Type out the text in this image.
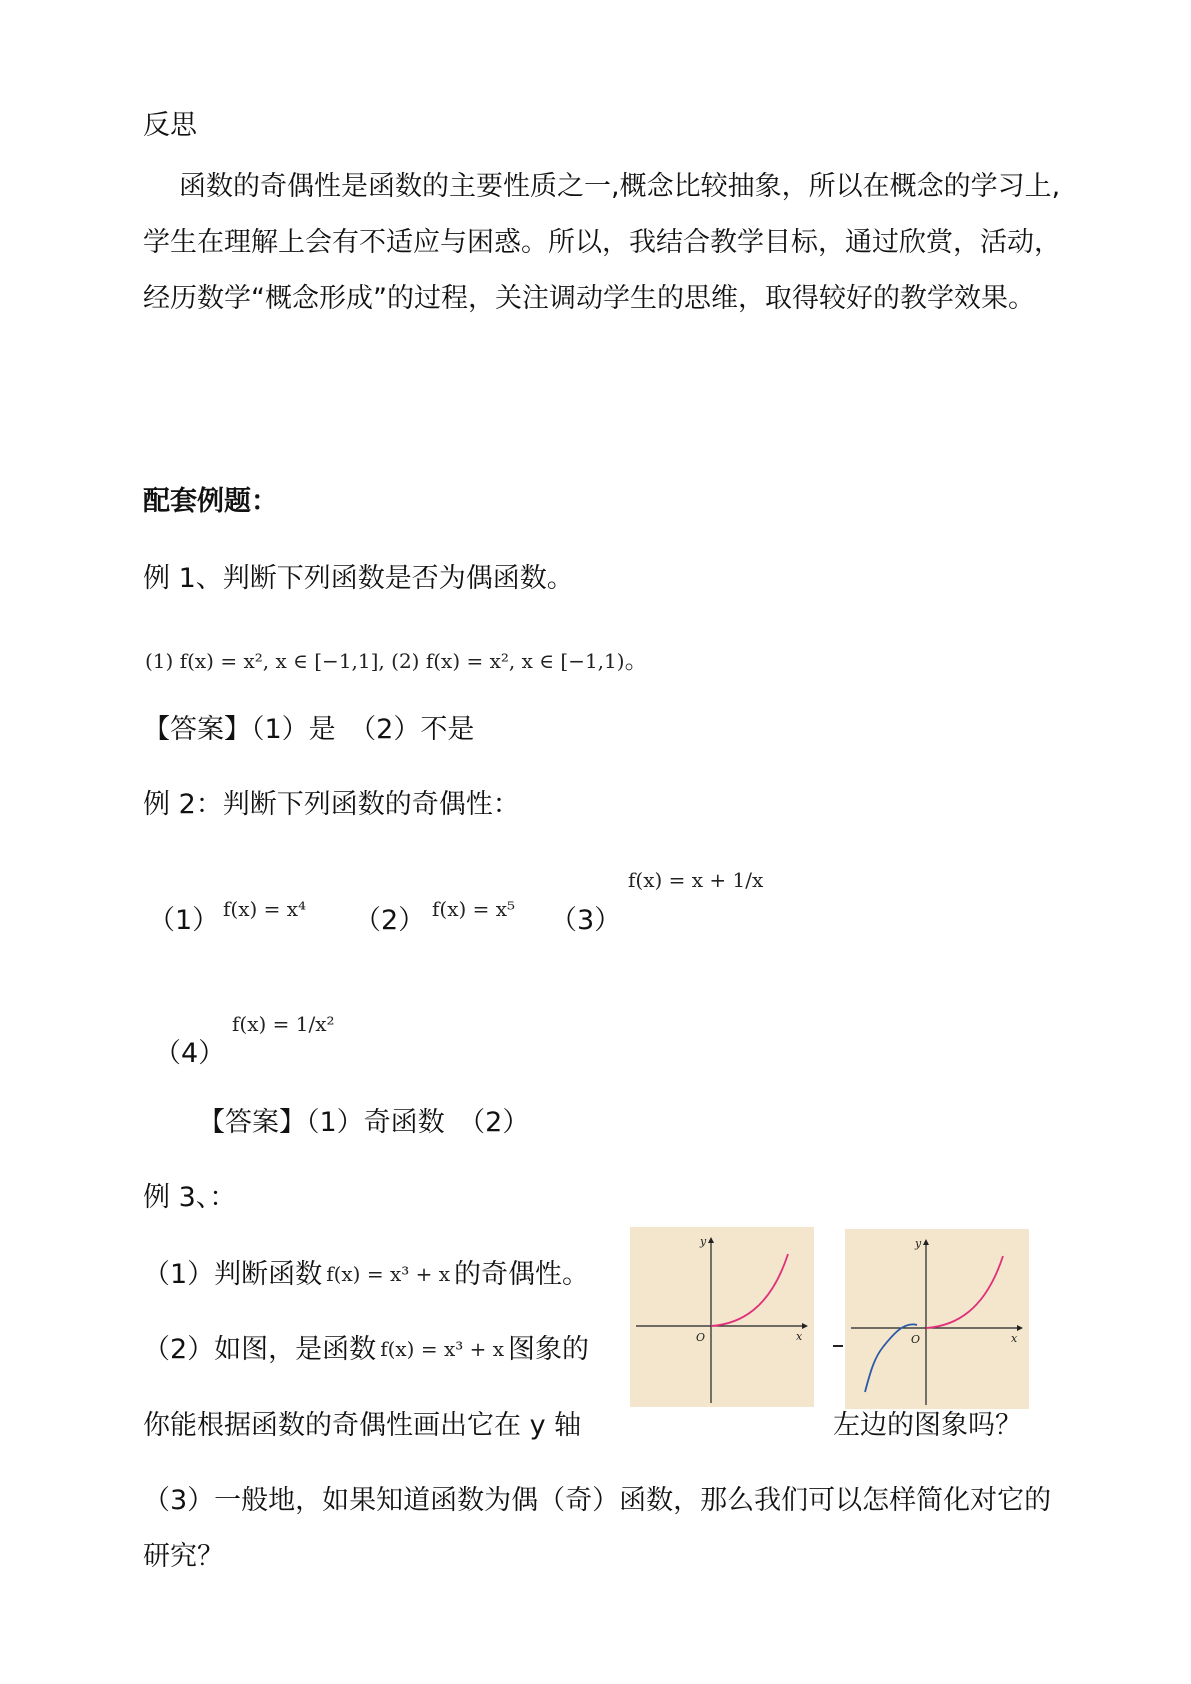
反思
函数的奇偶性是函数的主要性质之一,概念比较抽象，所以在概念的学习上,学生在理解上会有不适应与困惑。所以，我结合教学目标，通过欣赏，活动，经历数学“概念形成”的过程，关注调动学生的思维，取得较好的教学效果。
配套例题：
例 1、判断下列函数是否为偶函数。
(1) f(x) = x², x ∈ [−1,1], (2) f(x) = x², x ∈ [−1,1)。
【答案】（1）是　（2）不是
例 2：判断下列函数的奇偶性：
（1） f(x) = x⁴ （2） f(x) = x⁵ （3）
f(x) = x + 1/x
（4）
f(x) = 1/x²
【答案】（1）奇函数　（2）
例 3、：
（1）判断函数 f(x) = x³ + x 的奇偶性。
（2）如图，是函数 f(x) = x³ + x 图象的
你能根据函数的奇偶性画出它在 y 轴	左边的图象吗？
（3）一般地，如果知道函数为偶（奇）函数，那么我们可以怎样简化对它的研究？
y
x
O
y
x
O
